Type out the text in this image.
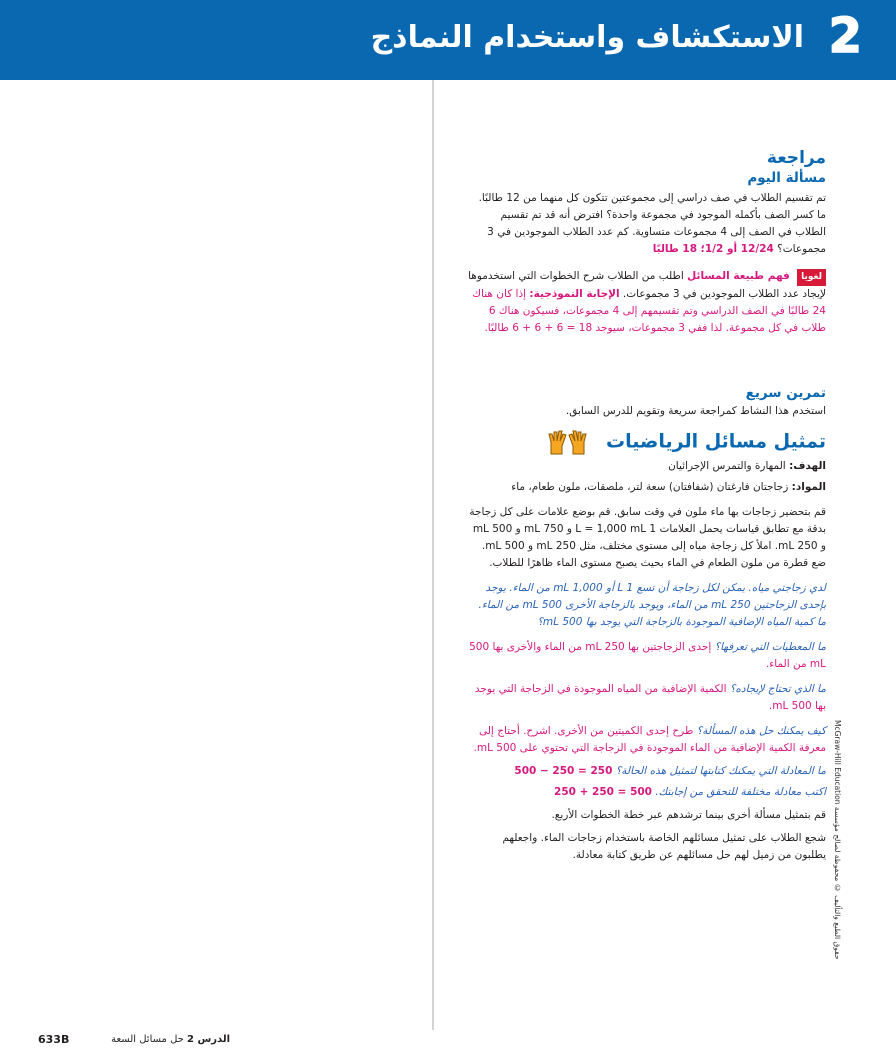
2
الاستكشاف واستخدام النماذج
حقوق الطبع والتأليف © محفوظة لصالح مؤسسة McGraw-Hill Education
مراجعة
مسألة اليوم
تم تقسيم الطلاب في صف دراسي إلى مجموعتين تتكون كل منهما من 12 طالبًا. ما كسر الصف بأكمله الموجود في مجموعة واحدة؟ افترض أنه قد تم تقسيم الطلاب في الصف إلى 4 مجموعات متساوية. كم عدد الطلاب الموجودين في 3 مجموعات؟ 12/24 أو 1/2؛ 18 طالبًا
لغويا فهم طبيعة المسائل اطلب من الطلاب شرح الخطوات التي استخدموها لإيجاد عدد الطلاب الموجودين في 3 مجموعات. الإجابة النموذجية: إذا كان هناك 24 طالبًا في الصف الدراسي وتم تقسيمهم إلى 4 مجموعات، فسيكون هناك 6 طلاب في كل مجموعة. لذا ففي 3 مجموعات، سيوجد 18 = 6 + 6 + 6 طالبًا.
تمرين سريع
استخدم هذا النشاط كمراجعة سريعة وتقويم للدرس السابق.
تمثيل مسائل الرياضيات
الهدف: المهارة والتمرس الإجرائيان
المواد: زجاجتان فارغتان (شفافتان) سعة لتر، ملصقات، ملون طعام، ماء
قم بتحضير زجاجات بها ماء ملون في وقت سابق. قم بوضع علامات على كل زجاجة بدقة مع تطابق قياسات يحمل العلامات 1 L = 1,000 mL و 750 mL و 500 mL و 250 mL. املأ كل زجاجة مياه إلى مستوى مختلف، مثل 250 mL و 500 mL. ضع قطرة من ملون الطعام في الماء بحيث يصبح مستوى الماء ظاهرًا للطلاب.
لدي زجاجتي مياه. يمكن لكل زجاجة أن تسع 1 L أو 1,000 mL من الماء. يوجد بإحدى الزجاجتين 250 mL من الماء، ويوجد بالزجاجة الأخرى 500 mL من الماء. ما كمية المياه الإضافية الموجودة بالزجاجة التي يوجد بها 500 mL؟
ما المعطيات التي تعرفها؟ إحدى الزجاجتين بها 250 mL من الماء والأخرى بها 500 mL من الماء.
ما الذي تحتاج لإيجاده؟ الكمية الإضافية من المياه الموجودة في الزجاجة التي يوجد بها 500 mL.
كيف يمكنك حل هذه المسألة؟ طرح إحدى الكميتين من الأخرى. اشرح. أحتاج إلى معرفة الكمية الإضافية من الماء الموجودة في الزجاجة التي تحتوي على 500 mL.
ما المعادلة التي يمكنك كتابتها لتمثيل هذه الحالة؟ 500 − 250 = 250
اكتب معادلة مختلفة للتحقق من إجابتك. 250 + 250 = 500
قم بتمثيل مسألة أخرى بينما ترشدهم عبر خطة الخطوات الأربع.
شجع الطلاب على تمثيل مسائلهم الخاصة باستخدام زجاجات الماء. واجعلهم يطلبون من زميل لهم حل مسائلهم عن طريق كتابة معادلة.
الدرس 2 حل مسائل السعة
633B
